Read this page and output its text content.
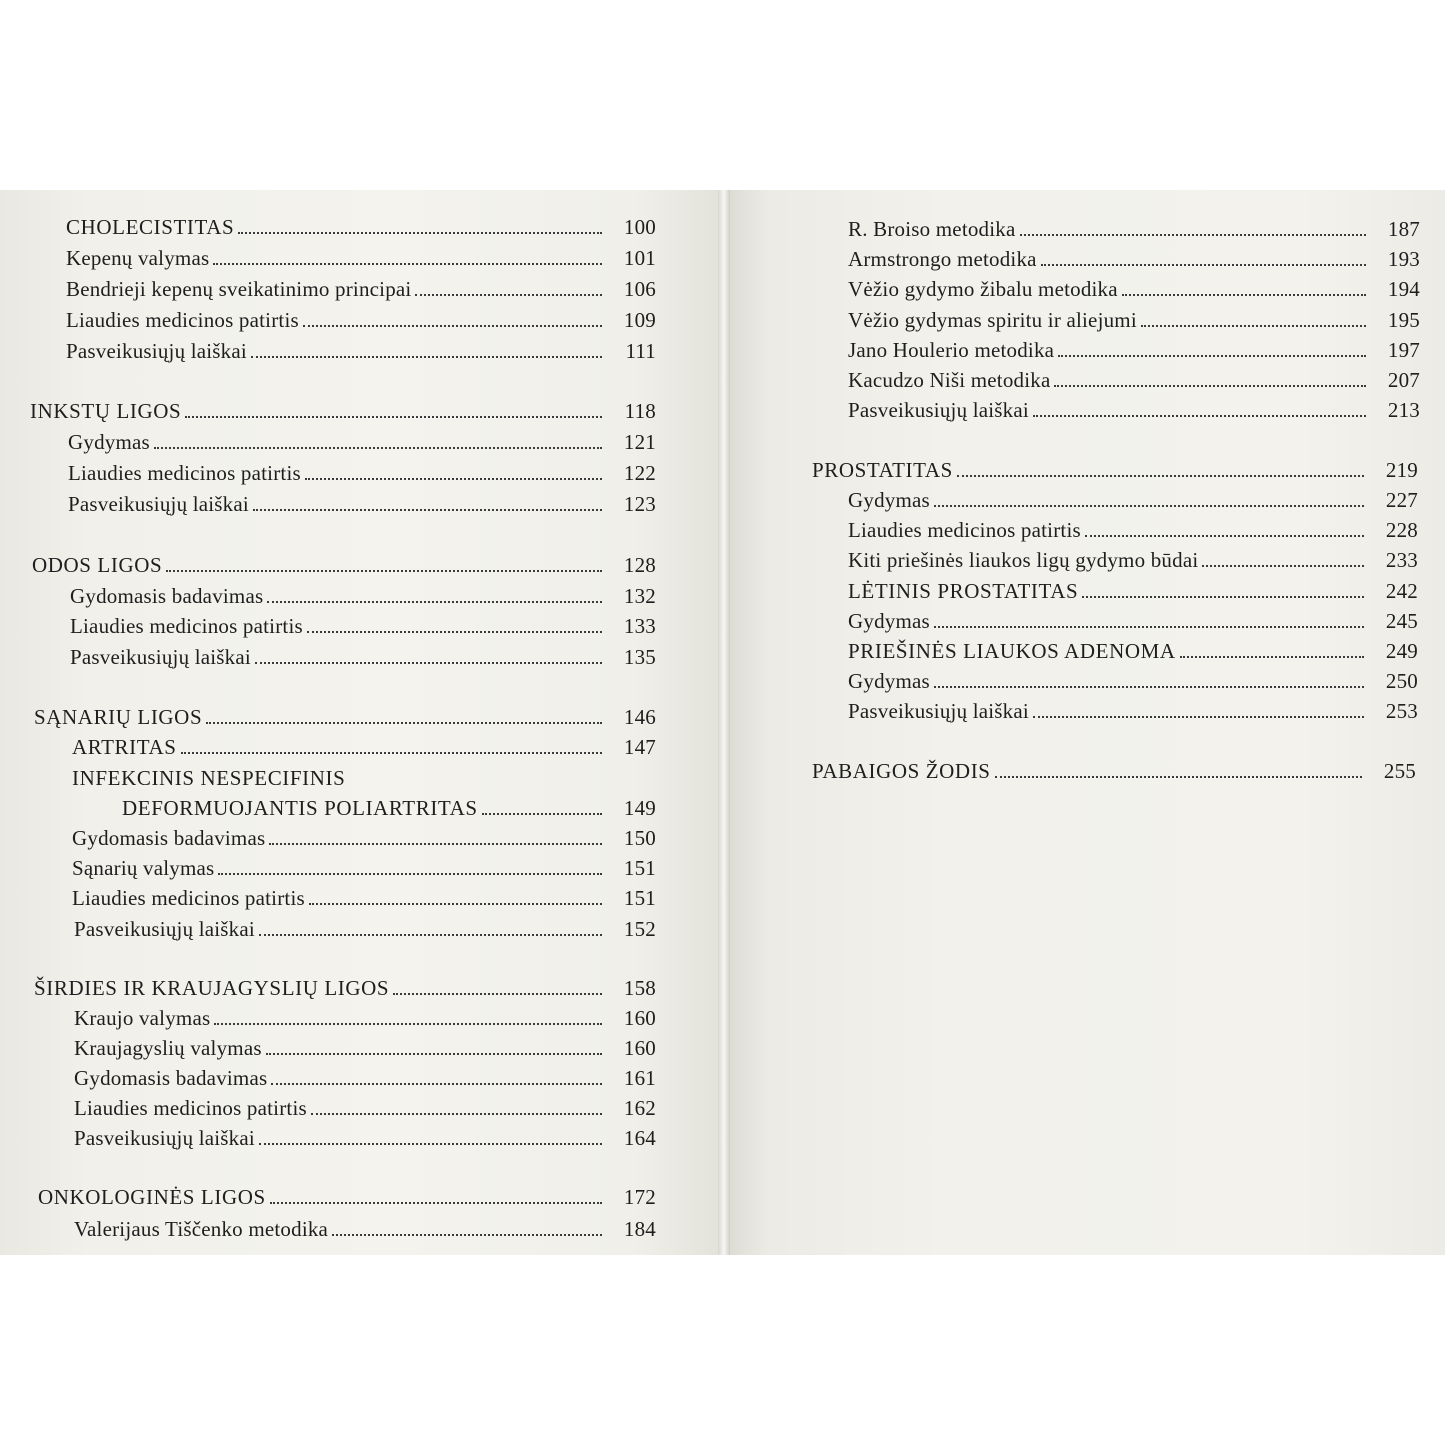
CHOLECISTITAS	100
Kepenų valymas	101
Bendrieji kepenų sveikatinimo principai	106
Liaudies medicinos patirtis	109
Pasveikusiųjų laiškai	111
INKSTŲ LIGOS	118
Gydymas	121
Liaudies medicinos patirtis	122
Pasveikusiųjų laiškai	123
ODOS LIGOS	128
Gydomasis badavimas	132
Liaudies medicinos patirtis	133
Pasveikusiųjų laiškai	135
SĄNARIŲ LIGOS	146
ARTRITAS	147
INFEKCINIS NESPECIFINIS
DEFORMUOJANTIS POLIARTRITAS	149
Gydomasis badavimas	150
Sąnarių valymas	151
Liaudies medicinos patirtis	151
Pasveikusiųjų laiškai	152
ŠIRDIES IR KRAUJAGYSLIŲ LIGOS	158
Kraujo valymas	160
Kraujagyslių valymas	160
Gydomasis badavimas	161
Liaudies medicinos patirtis	162
Pasveikusiųjų laiškai	164
ONKOLOGINĖS LIGOS	172
Valerijaus Tiščenko metodika	184
R. Broiso metodika	187
Armstrongo metodika	193
Vėžio gydymo žibalu metodika	194
Vėžio gydymas spiritu ir aliejumi	195
Jano Houlerio metodika	197
Kacudzo Niši metodika	207
Pasveikusiųjų laiškai	213
PROSTATITAS	219
Gydymas	227
Liaudies medicinos patirtis	228
Kiti priešinės liaukos ligų gydymo būdai	233
LĖTINIS PROSTATITAS	242
Gydymas	245
PRIEŠINĖS LIAUKOS ADENOMA	249
Gydymas	250
Pasveikusiųjų laiškai	253
PABAIGOS ŽODIS	255
